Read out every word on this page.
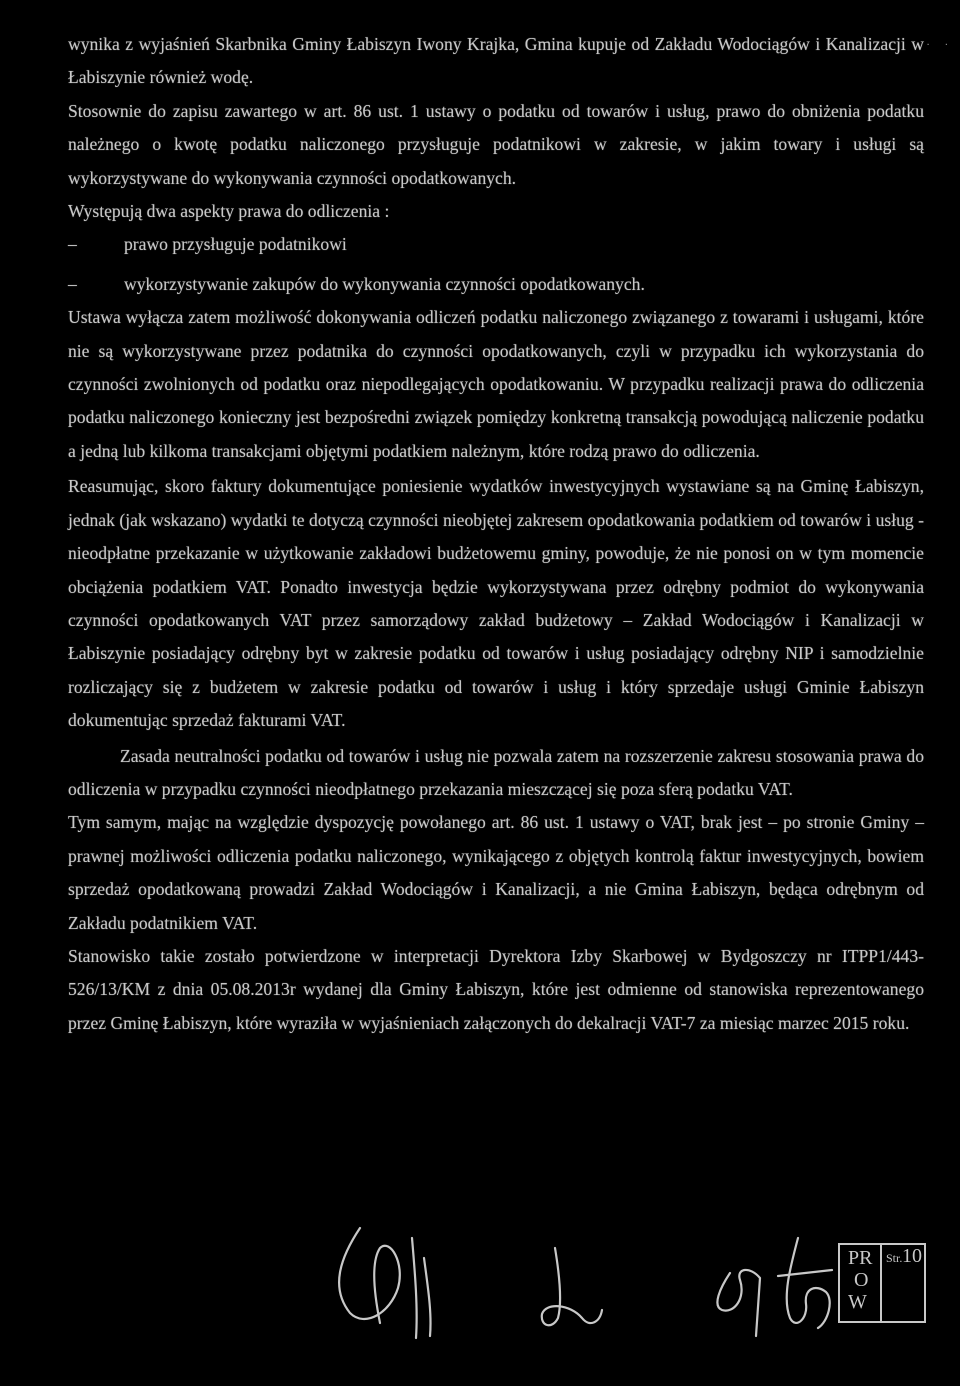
· ·

wynika z wyjaśnień Skarbnika Gminy Łabiszyn Iwony Krajka, Gmina kupuje od Zakładu Wodociągów i Kanalizacji w Łabiszynie również wodę.

Stosownie do zapisu zawartego w art. 86 ust. 1 ustawy o podatku od towarów i usług, prawo do obniżenia podatku należnego o kwotę podatku naliczonego przysługuje podatnikowi w zakresie, w jakim towary i usługi są wykorzystywane do wykonywania czynności opodatkowanych.

Występują dwa aspekty prawa do odliczenia :

–	prawo przysługuje podatnikowi
–	wykorzystywanie zakupów do wykonywania czynności opodatkowanych.

Ustawa wyłącza zatem możliwość dokonywania odliczeń podatku naliczonego związanego z towarami i usługami, które nie są wykorzystywane przez podatnika do czynności opodatkowanych, czyli w przypadku ich wykorzystania do czynności zwolnionych od podatku oraz niepodlegających opodatkowaniu. W przypadku realizacji prawa do odliczenia podatku naliczonego konieczny jest bezpośredni związek pomiędzy konkretną transakcją powodującą naliczenie podatku a jedną lub kilkoma transakcjami objętymi podatkiem należnym, które rodzą prawo do odliczenia.

Reasumując, skoro faktury dokumentujące poniesienie wydatków inwestycyjnych wystawiane są na Gminę Łabiszyn, jednak (jak wskazano) wydatki te dotyczą czynności nieobjętej zakresem opodatkowania podatkiem od towarów i usług - nieodpłatne przekazanie w użytkowanie zakładowi budżetowemu gminy, powoduje, że nie ponosi on w tym momencie obciążenia podatkiem VAT. Ponadto inwestycja będzie wykorzystywana przez odrębny podmiot do wykonywania czynności opodatkowanych VAT przez samorządowy zakład budżetowy – Zakład Wodociągów i Kanalizacji w Łabiszynie posiadający odrębny byt w zakresie podatku od towarów i usług posiadający odrębny NIP i samodzielnie rozliczający się z budżetem w zakresie podatku od towarów i usług i który sprzedaje usługi Gminie Łabiszyn dokumentując sprzedaż fakturami VAT.

Zasada neutralności podatku od towarów i usług nie pozwala zatem na rozszerzenie zakresu stosowania prawa do odliczenia w przypadku czynności nieodpłatnego przekazania mieszczącej się poza sferą podatku VAT.

Tym samym, mając na względzie dyspozycję powołanego art. 86 ust. 1 ustawy o VAT, brak jest – po stronie Gminy – prawnej możliwości odliczenia podatku naliczonego, wynikającego z objętych kontrolą faktur inwestycyjnych, bowiem sprzedaż opodatkowaną prowadzi Zakład Wodociągów i Kanalizacji, a nie Gmina Łabiszyn, będąca odrębnym od Zakładu podatnikiem VAT.

Stanowisko takie zostało potwierdzone w interpretacji Dyrektora Izby Skarbowej w Bydgoszczy nr ITPP1/443-526/13/KM z dnia 05.08.2013r wydanej dla Gminy Łabiszyn, które jest odmienne od stanowiska reprezentowanego przez Gminę Łabiszyn, które wyraziła w wyjaśnieniach załączonych do dekalracji VAT-7 za miesiąc marzec 2015 roku.

PR
O
W
Str. 10
